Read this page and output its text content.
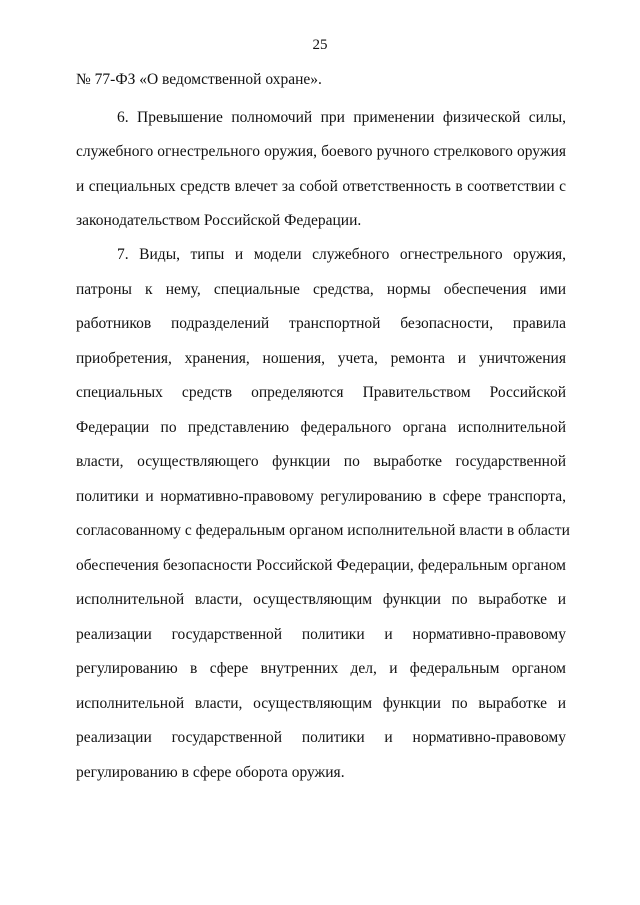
25
№ 77-ФЗ «О ведомственной охране».
6. Превышение полномочий при применении физической силы,
служебного огнестрельного оружия, боевого ручного стрелкового оружия
и специальных средств влечет за собой ответственность в соответствии с
законодательством Российской Федерации.
7. Виды, типы и модели служебного огнестрельного оружия,
патроны к нему, специальные средства, нормы обеспечения ими
работников подразделений транспортной безопасности, правила
приобретения, хранения, ношения, учета, ремонта и уничтожения
специальных средств определяются Правительством Российской
Федерации по представлению федерального органа исполнительной
власти, осуществляющего функции по выработке государственной
политики и нормативно-правовому регулированию в сфере транспорта,
согласованному с федеральным органом исполнительной власти в области
обеспечения безопасности Российской Федерации, федеральным органом
исполнительной власти, осуществляющим функции по выработке и
реализации государственной политики и нормативно-правовому
регулированию в сфере внутренних дел, и федеральным органом
исполнительной власти, осуществляющим функции по выработке и
реализации государственной политики и нормативно-правовому
регулированию в сфере оборота оружия.
